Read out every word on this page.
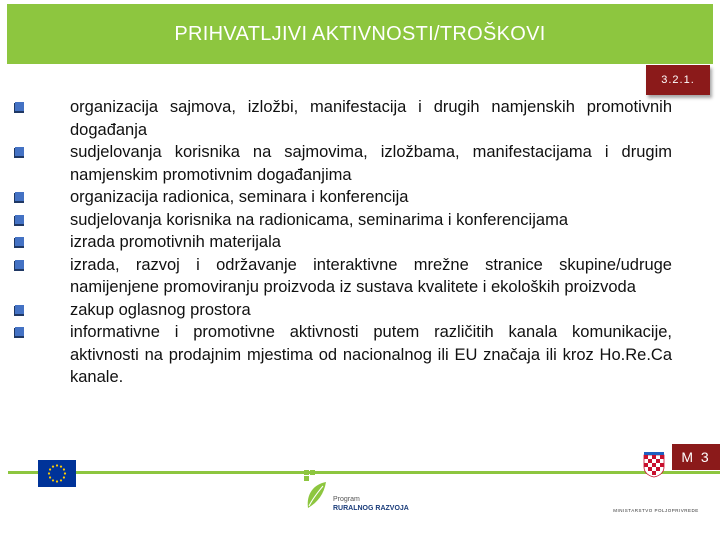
PRIHVATLJIVI AKTIVNOSTI/TROŠKOVI
3.2.1.
organizacija sajmova, izložbi, manifestacija i drugih namjenskih promotivnih događanja
sudjelovanja korisnika na sajmovima, izložbama, manifestacijama i drugim namjenskim promotivnim događanjima
organizacija radionica, seminara i konferencija
sudjelovanja korisnika na radionicama, seminarima i konferencijama
izrada promotivnih materijala
izrada, razvoj i održavanje interaktivne mrežne stranice skupine/udruge namijenjene promoviranju proizvoda iz sustava kvalitete i ekoloških proizvoda
zakup oglasnog prostora
informativne i promotivne aktivnosti putem različitih kanala komunikacije, aktivnosti na prodajnim mjestima od nacionalnog ili EU značaja ili kroz Ho.Re.Ca kanale.
M 3
Program
RURALNOG RAZVOJA	MINISTARSTVO POLJOPRIVREDE
